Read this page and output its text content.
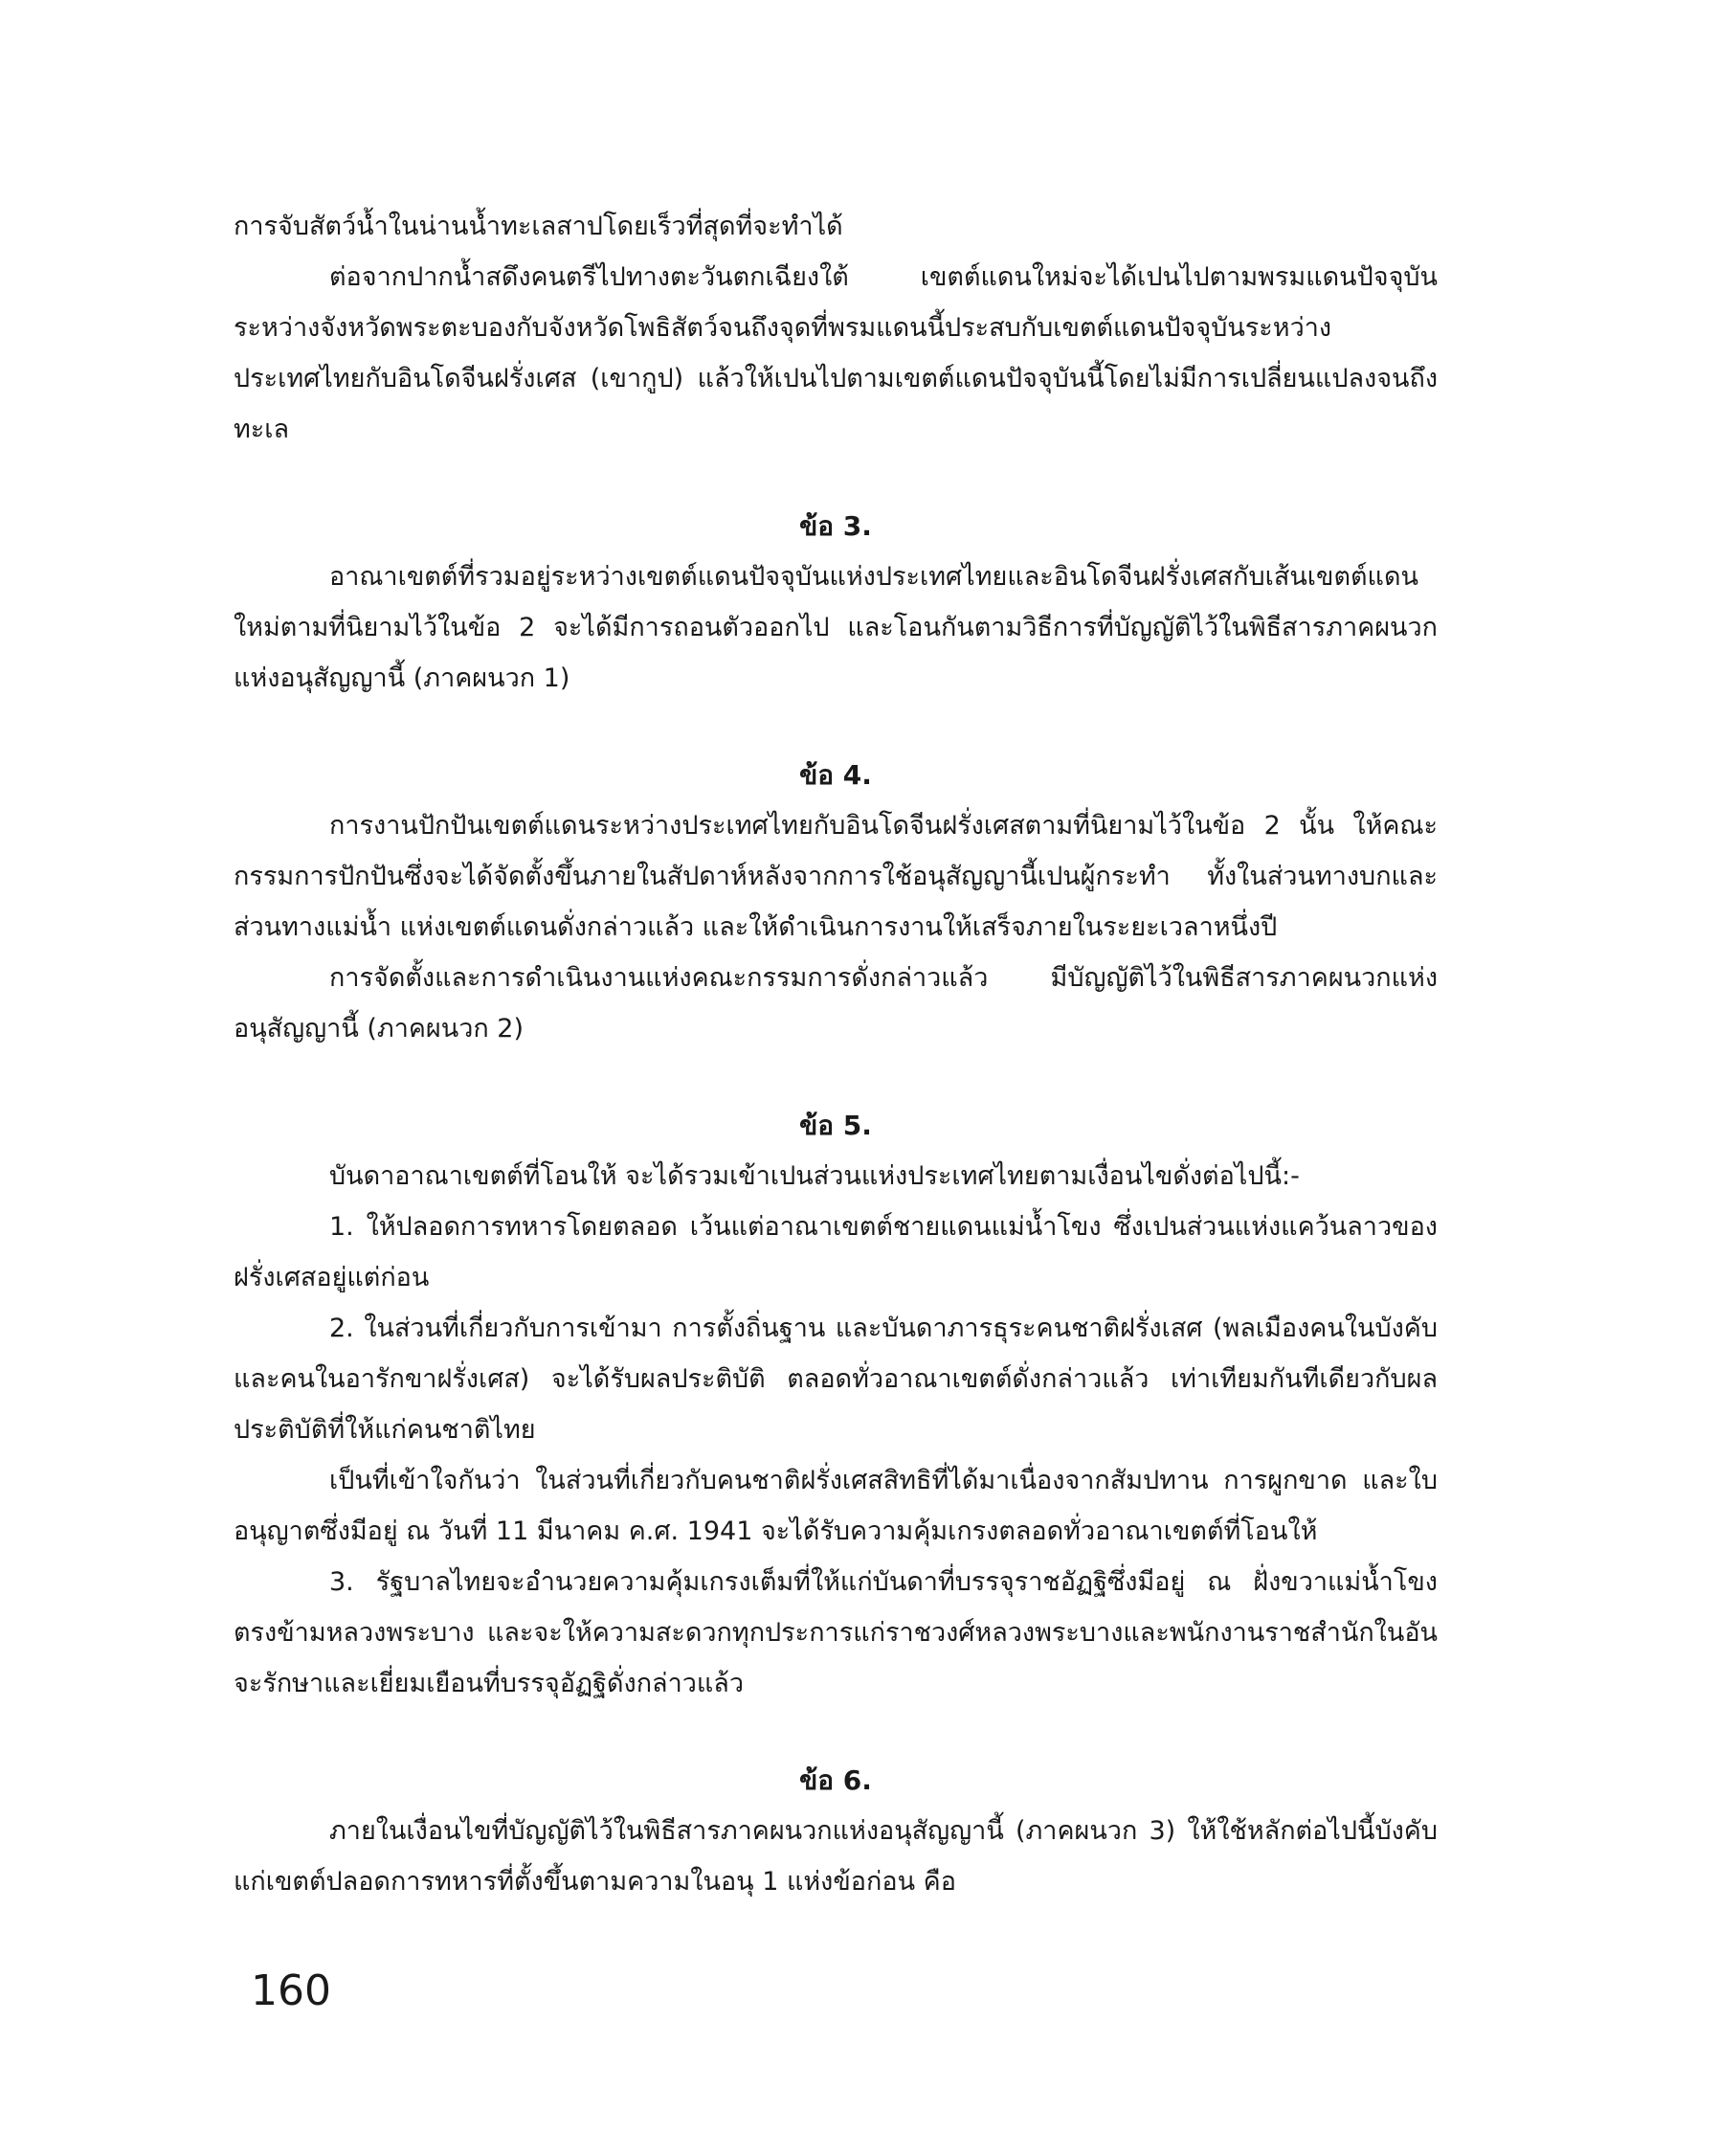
การจับสัตว์น้ำในน่านน้ำทะเลสาปโดยเร็วที่สุดที่จะทำได้

ต่อจากปากน้ำสดึงคนตรีไปทางตะวันตกเฉียงใต้ เขตต์แดนใหม่จะได้เปนไปตามพรมแดนปัจจุบันระหว่างจังหวัดพระตะบองกับจังหวัดโพธิสัตว์จนถึงจุดที่พรมแดนนี้ประสบกับเขตต์แดนปัจจุบันระหว่างประเทศไทยกับอินโดจีนฝรั่งเศส (เขากูป) แล้วให้เปนไปตามเขตต์แดนปัจจุบันนี้โดยไม่มีการเปลี่ยนแปลงจนถึงทะเล

ข้อ 3.

อาณาเขตต์ที่รวมอยู่ระหว่างเขตต์แดนปัจจุบันแห่งประเทศไทยและอินโดจีนฝรั่งเศสกับเส้นเขตต์แดนใหม่ตามที่นิยามไว้ในข้อ 2 จะได้มีการถอนตัวออกไป และโอนกันตามวิธีการที่บัญญัติไว้ในพิธีสารภาคผนวกแห่งอนุสัญญานี้ (ภาคผนวก 1)

ข้อ 4.

การงานปักปันเขตต์แดนระหว่างประเทศไทยกับอินโดจีนฝรั่งเศสตามที่นิยามไว้ในข้อ 2 นั้น ให้คณะกรรมการปักปันซึ่งจะได้จัดตั้งขึ้นภายในสัปดาห์หลังจากการใช้อนุสัญญานี้เปนผู้กระทำ ทั้งในส่วนทางบกและส่วนทางแม่น้ำ แห่งเขตต์แดนดั่งกล่าวแล้ว และให้ดำเนินการงานให้เสร็จภายในระยะเวลาหนึ่งปี

การจัดตั้งและการดำเนินงานแห่งคณะกรรมการดั่งกล่าวแล้ว มีบัญญัติไว้ในพิธีสารภาคผนวกแห่งอนุสัญญานี้ (ภาคผนวก 2)

ข้อ 5.

บันดาอาณาเขตต์ที่โอนให้ จะได้รวมเข้าเปนส่วนแห่งประเทศไทยตามเงื่อนไขดั่งต่อไปนี้:-

1. ให้ปลอดการทหารโดยตลอด เว้นแต่อาณาเขตต์ชายแดนแม่น้ำโขง ซึ่งเปนส่วนแห่งแคว้นลาวของฝรั่งเศสอยู่แต่ก่อน

2. ในส่วนที่เกี่ยวกับการเข้ามา การตั้งถิ่นฐาน และบันดาภารธุระคนชาติฝรั่งเสศ (พลเมืองคนในบังคับ และคนในอารักขาฝรั่งเศส) จะได้รับผลประติบัติ ตลอดทั่วอาณาเขตต์ดั่งกล่าวแล้ว เท่าเทียมกันทีเดียวกับผลประติบัติที่ให้แก่คนชาติไทย

เป็นที่เข้าใจกันว่า ในส่วนที่เกี่ยวกับคนชาติฝรั่งเศสสิทธิที่ได้มาเนื่องจากสัมปทาน การผูกขาด และใบอนุญาตซึ่งมีอยู่ ณ วันที่ 11 มีนาคม ค.ศ. 1941 จะได้รับความคุ้มเกรงตลอดทั่วอาณาเขตต์ที่โอนให้

3. รัฐบาลไทยจะอำนวยความคุ้มเกรงเต็มที่ให้แก่บันดาที่บรรจุราชอัฏฐิซึ่งมีอยู่ ณ ฝั่งขวาแม่น้ำโขงตรงข้ามหลวงพระบาง และจะให้ความสะดวกทุกประการแก่ราชวงศ์หลวงพระบางและพนักงานราชสำนักในอันจะรักษาและเยี่ยมเยือนที่บรรจุอัฏฐิดั่งกล่าวแล้ว

ข้อ 6.

ภายในเงื่อนไขที่บัญญัติไว้ในพิธีสารภาคผนวกแห่งอนุสัญญานี้ (ภาคผนวก 3) ให้ใช้หลักต่อไปนี้บังคับแก่เขตต์ปลอดการทหารที่ตั้งขึ้นตามความในอนุ 1 แห่งข้อก่อน คือ

160
